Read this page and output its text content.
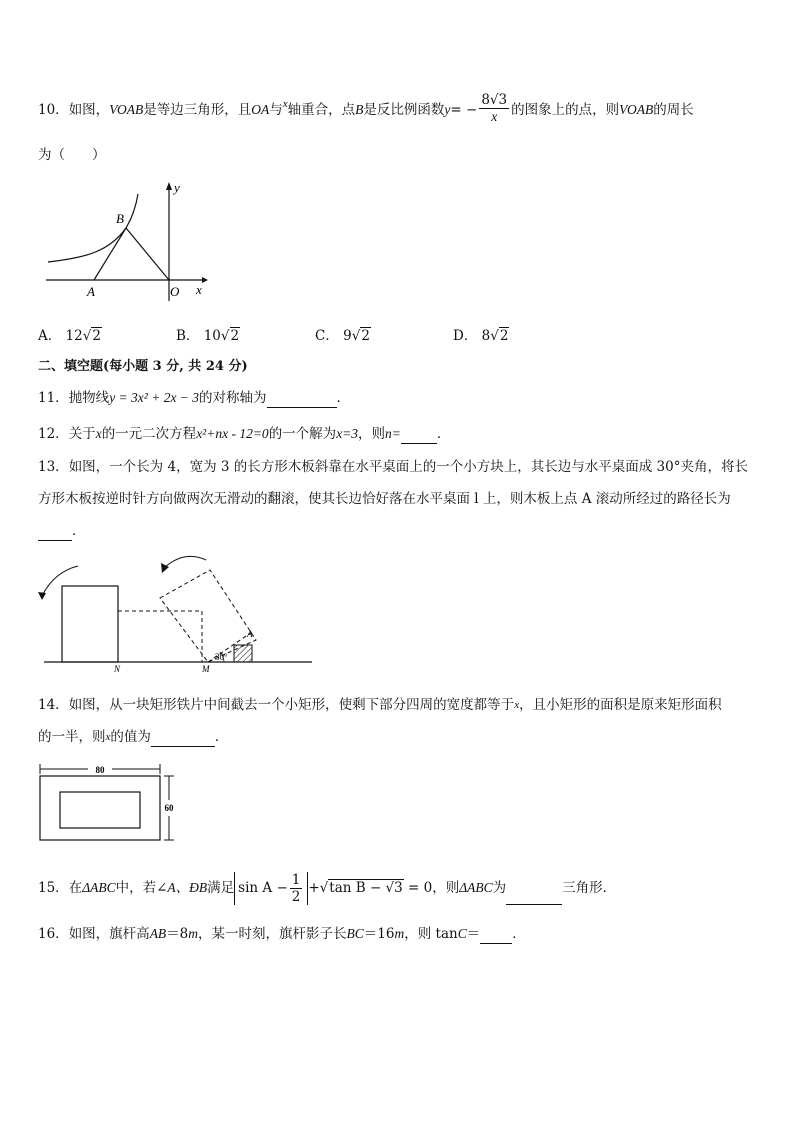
10．如图，VOAB是等边三角形，且OA与$^x$轴重合，点B是反比例函数$y= - \frac{8√3}{x}$ 的图象上的点，则VOAB的周长
为（　　）
y
B
A	O x
A． 12√2	B． 10√2	C． 9√2	D． 8√2
二、填空题(每小题 3 分, 共 24 分)
11．抛物线y = 3x² + 2x − 3的对称轴为	．
12．关于x的一元二次方程x²+nx - 12=0的一个解为x=3，则n=	．
13．如图，一个长为 4，宽为 3 的长方形木板斜靠在水平桌面上的一个小方块上，其长边与水平桌面成 30°夹角，将长
方形木板按逆时针方向做两次无滑动的翻滚，使其长边恰好落在水平桌面 l 上，则木板上点 A 滚动所经过的路径长为
．
30°
A
N	M
14．如图，从一块矩形铁片中间截去一个小矩形，使剩下部分四周的宽度都等于$^x$，且小矩形的面积是原来矩形面积
的一半，则$^x$的值为	．
80
60
15．在ΔABC中，若∠A、ÐB满足 $\sin A - \frac{1}{2} +√\tan$ B − √3 = 0，则ΔABC为	三角形．
16．如图，旗杆高AB＝8m，某一时刻，旗杆影子长BC＝16m，则 tanC＝ ．
